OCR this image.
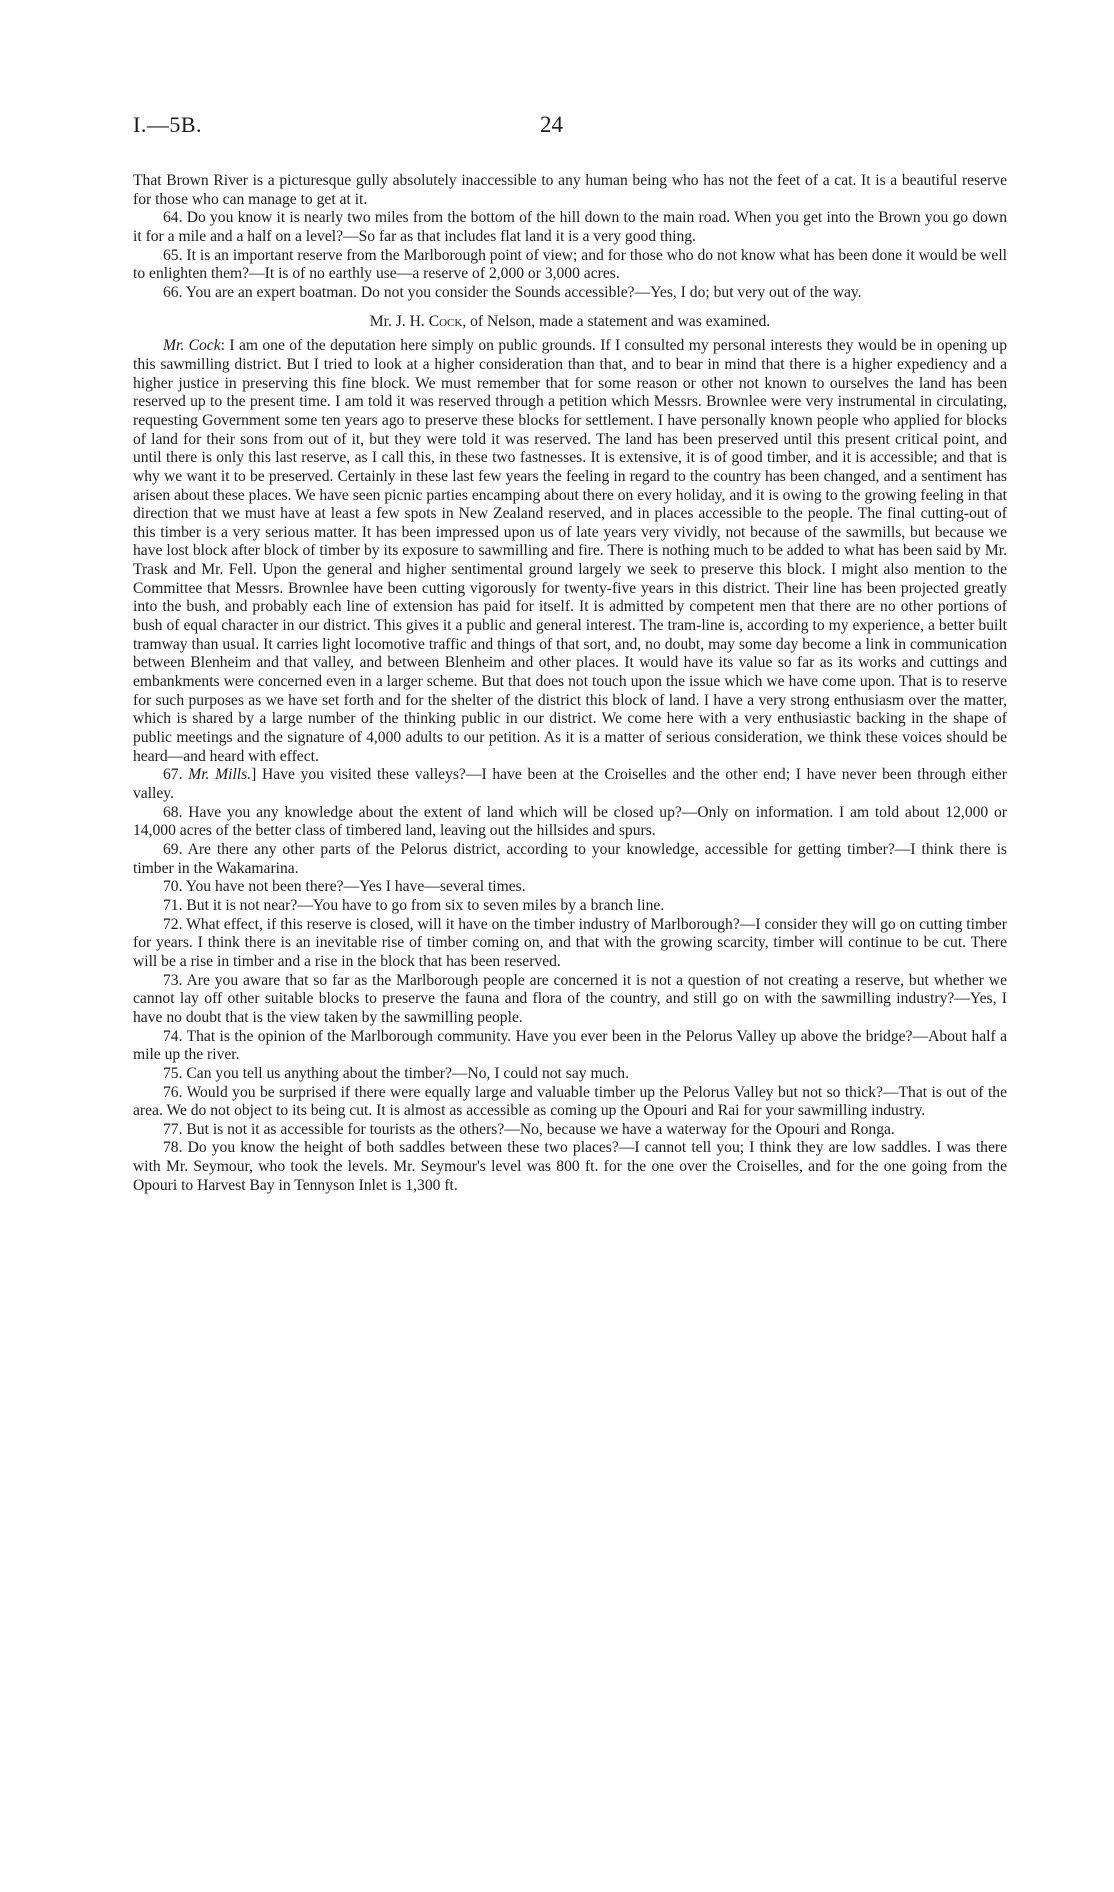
I.—5B.	24

That Brown River is a picturesque gully absolutely inaccessible to any human being who has not the feet of a cat. It is a beautiful reserve for those who can manage to get at it.

64. Do you know it is nearly two miles from the bottom of the hill down to the main road. When you get into the Brown you go down it for a mile and a half on a level?—So far as that includes flat land it is a very good thing.

65. It is an important reserve from the Marlborough point of view; and for those who do not know what has been done it would be well to enlighten them?—It is of no earthly use—a reserve of 2,000 or 3,000 acres.

66. You are an expert boatman. Do not you consider the Sounds accessible?—Yes, I do; but very out of the way.

Mr. J. H. Cock, of Nelson, made a statement and was examined.

Mr. Cock: I am one of the deputation here simply on public grounds. If I consulted my personal interests they would be in opening up this sawmilling district. But I tried to look at a higher consideration than that, and to bear in mind that there is a higher expediency and a higher justice in preserving this fine block. We must remember that for some reason or other not known to ourselves the land has been reserved up to the present time. I am told it was reserved through a petition which Messrs. Brownlee were very instrumental in circulating, requesting Government some ten years ago to preserve these blocks for settlement. I have personally known people who applied for blocks of land for their sons from out of it, but they were told it was reserved. The land has been preserved until this present critical point, and until there is only this last reserve, as I call this, in these two fastnesses. It is extensive, it is of good timber, and it is accessible; and that is why we want it to be preserved. Certainly in these last few years the feeling in regard to the country has been changed, and a sentiment has arisen about these places. We have seen picnic parties encamping about there on every holiday, and it is owing to the growing feeling in that direction that we must have at least a few spots in New Zealand reserved, and in places accessible to the people. The final cutting-out of this timber is a very serious matter. It has been impressed upon us of late years very vividly, not because of the sawmills, but because we have lost block after block of timber by its exposure to sawmilling and fire. There is nothing much to be added to what has been said by Mr. Trask and Mr. Fell. Upon the general and higher sentimental ground largely we seek to preserve this block. I might also mention to the Committee that Messrs. Brownlee have been cutting vigorously for twenty-five years in this district. Their line has been projected greatly into the bush, and probably each line of extension has paid for itself. It is admitted by competent men that there are no other portions of bush of equal character in our district. This gives it a public and general interest. The tram-line is, according to my experience, a better built tramway than usual. It carries light locomotive traffic and things of that sort, and, no doubt, may some day become a link in communication between Blenheim and that valley, and between Blenheim and other places. It would have its value so far as its works and cuttings and embankments were concerned even in a larger scheme. But that does not touch upon the issue which we have come upon. That is to reserve for such purposes as we have set forth and for the shelter of the district this block of land. I have a very strong enthusiasm over the matter, which is shared by a large number of the thinking public in our district. We come here with a very enthusiastic backing in the shape of public meetings and the signature of 4,000 adults to our petition. As it is a matter of serious consideration, we think these voices should be heard—and heard with effect.

67. Mr. Mills.] Have you visited these valleys?—I have been at the Croiselles and the other end; I have never been through either valley.

68. Have you any knowledge about the extent of land which will be closed up?—Only on information. I am told about 12,000 or 14,000 acres of the better class of timbered land, leaving out the hillsides and spurs.

69. Are there any other parts of the Pelorus district, according to your knowledge, accessible for getting timber?—I think there is timber in the Wakamarina.

70. You have not been there?—Yes I have—several times.

71. But it is not near?—You have to go from six to seven miles by a branch line.

72. What effect, if this reserve is closed, will it have on the timber industry of Marlborough?—I consider they will go on cutting timber for years. I think there is an inevitable rise of timber coming on, and that with the growing scarcity, timber will continue to be cut. There will be a rise in timber and a rise in the block that has been reserved.

73. Are you aware that so far as the Marlborough people are concerned it is not a question of not creating a reserve, but whether we cannot lay off other suitable blocks to preserve the fauna and flora of the country, and still go on with the sawmilling industry?—Yes, I have no doubt that is the view taken by the sawmilling people.

74. That is the opinion of the Marlborough community. Have you ever been in the Pelorus Valley up above the bridge?—About half a mile up the river.

75. Can you tell us anything about the timber?—No, I could not say much.

76. Would you be surprised if there were equally large and valuable timber up the Pelorus Valley but not so thick?—That is out of the area. We do not object to its being cut. It is almost as accessible as coming up the Opouri and Rai for your sawmilling industry.

77. But is not it as accessible for tourists as the others?—No, because we have a waterway for the Opouri and Ronga.

78. Do you know the height of both saddles between these two places?—I cannot tell you; I think they are low saddles. I was there with Mr. Seymour, who took the levels. Mr. Seymour's level was 800 ft. for the one over the Croiselles, and for the one going from the Opouri to Harvest Bay in Tennyson Inlet is 1,300 ft.
